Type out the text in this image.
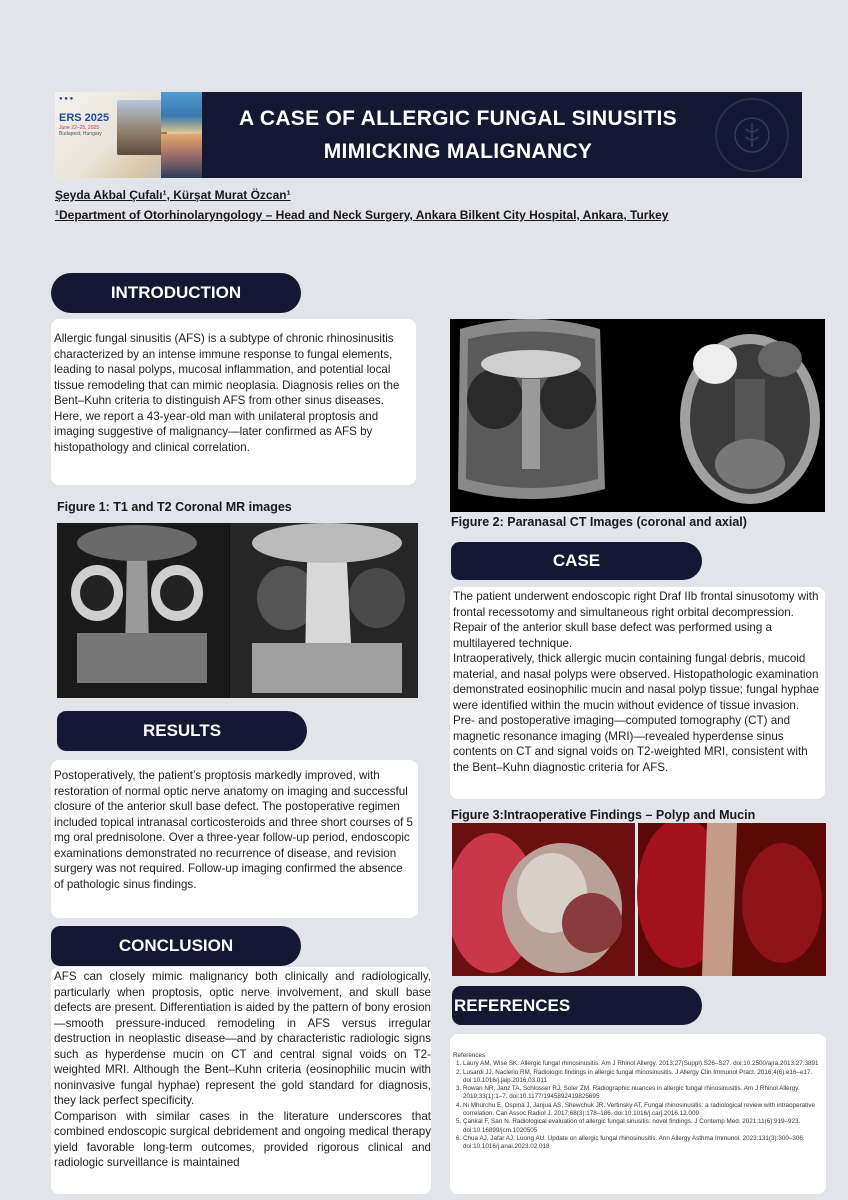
● ● ●
ERS 2025
June 22–25, 2025
Budapest, Hungary
A CASE OF ALLERGIC FUNGAL SINUSITIS
MIMICKING MALIGNANCY
Şeyda Akbal Çufalı¹, Kürşat Murat Özcan¹
¹Department of Otorhinolaryngology – Head and Neck Surgery, Ankara Bilkent City Hospital, Ankara, Turkey
INTRODUCTION
Allergic fungal sinusitis (AFS) is a subtype of chronic rhinosinusitis characterized by an intense immune response to fungal elements, leading to nasal polyps, mucosal inflammation, and potential local tissue remodeling that can mimic neoplasia. Diagnosis relies on the Bent–Kuhn criteria to distinguish AFS from other sinus diseases. Here, we report a 43-year-old man with unilateral proptosis and imaging suggestive of malignancy—later confirmed as AFS by histopathology and clinical correlation.
Figure 1: T1 and T2 Coronal MR images
RESULTS
Postoperatively, the patient’s proptosis markedly improved, with restoration of normal optic nerve anatomy on imaging and successful closure of the anterior skull base defect. The postoperative regimen included topical intranasal corticosteroids and three short courses of 5 mg oral prednisolone. Over a three-year follow-up period, endoscopic examinations demonstrated no recurrence of disease, and revision surgery was not required. Follow-up imaging confirmed the absence of pathologic sinus findings.
CONCLUSION
AFS can closely mimic malignancy both clinically and radiologically, particularly when proptosis, optic nerve involvement, and skull base defects are present. Differentiation is aided by the pattern of bony erosion—smooth pressure-induced remodeling in AFS versus irregular destruction in neoplastic disease—and by characteristic radiologic signs such as hyperdense mucin on CT and central signal voids on T2-weighted MRI. Although the Bent–Kuhn criteria (eosinophilic mucin with noninvasive fungal hyphae) represent the gold standard for diagnosis, they lack perfect specificity.
Comparison with similar cases in the literature underscores that combined endoscopic surgical debridement and ongoing medical therapy yield favorable long-term outcomes, provided rigorous clinical and radiologic surveillance is maintained
Figure 2: Paranasal CT Images (coronal and axial)
CASE
The patient underwent endoscopic right Draf IIb frontal sinusotomy with frontal recessotomy and simultaneous right orbital decompression. Repair of the anterior skull base defect was performed using a multilayered technique.
Intraoperatively, thick allergic mucin containing fungal debris, mucoid material, and nasal polyps were observed. Histopathologic examination demonstrated eosinophilic mucin and nasal polyp tissue; fungal hyphae were identified within the mucin without evidence of tissue invasion. Pre- and postoperative imaging—computed tomography (CT) and magnetic resonance imaging (MRI)—revealed hyperdense sinus contents on CT and signal voids on T2-weighted MRI, consistent with the Bent–Kuhn diagnostic criteria for AFS.
Figure 3:Intraoperative Findings – Polyp and Mucin
REFERENCES
References
1. Laury AM, Wise SK. Allergic fungal rhinosinusitis. Am J Rhinol Allergy. 2013;27(Suppl):S26–S27. doi:10.2500/ajra.2013.27.3891
2. Lusardi JJ, Naclerio RM. Radiologic findings in allergic fungal rhinosinusitis. J Allergy Clin Immunol Pract. 2016;4(6):e16–e17. doi:10.1016/j.jaip.2016.03.011
3. Rowan NR, Janz TA, Schlosser RJ, Soler ZM. Radiographic nuances in allergic fungal rhinosinusitis. Am J Rhinol Allergy. 2019;33(1):1–7. doi:10.1177/1945892419825695
4. Ni Mhurchu E, Ospina J, Janjua AS, Shewchuk JR, Vertinsky AT. Fungal rhinosinusitis: a radiological review with intraoperative correlation. Can Assoc Radiol J. 2017;68(3):178–186. doi:10.1016/j.carj.2016.12.009
5. Çankal F, Sarı N. Radiological evaluation of allergic fungal sinusitis: novel findings. J Contemp Med. 2021;11(6):919–923. doi:10.16899/jcm.1020505
6. Chua AJ, Jafar AJ, Luong AU. Update on allergic fungal rhinosinusitis. Ann Allergy Asthma Immunol. 2023;131(3):300–306. doi:10.1016/j.anai.2023.02.018
